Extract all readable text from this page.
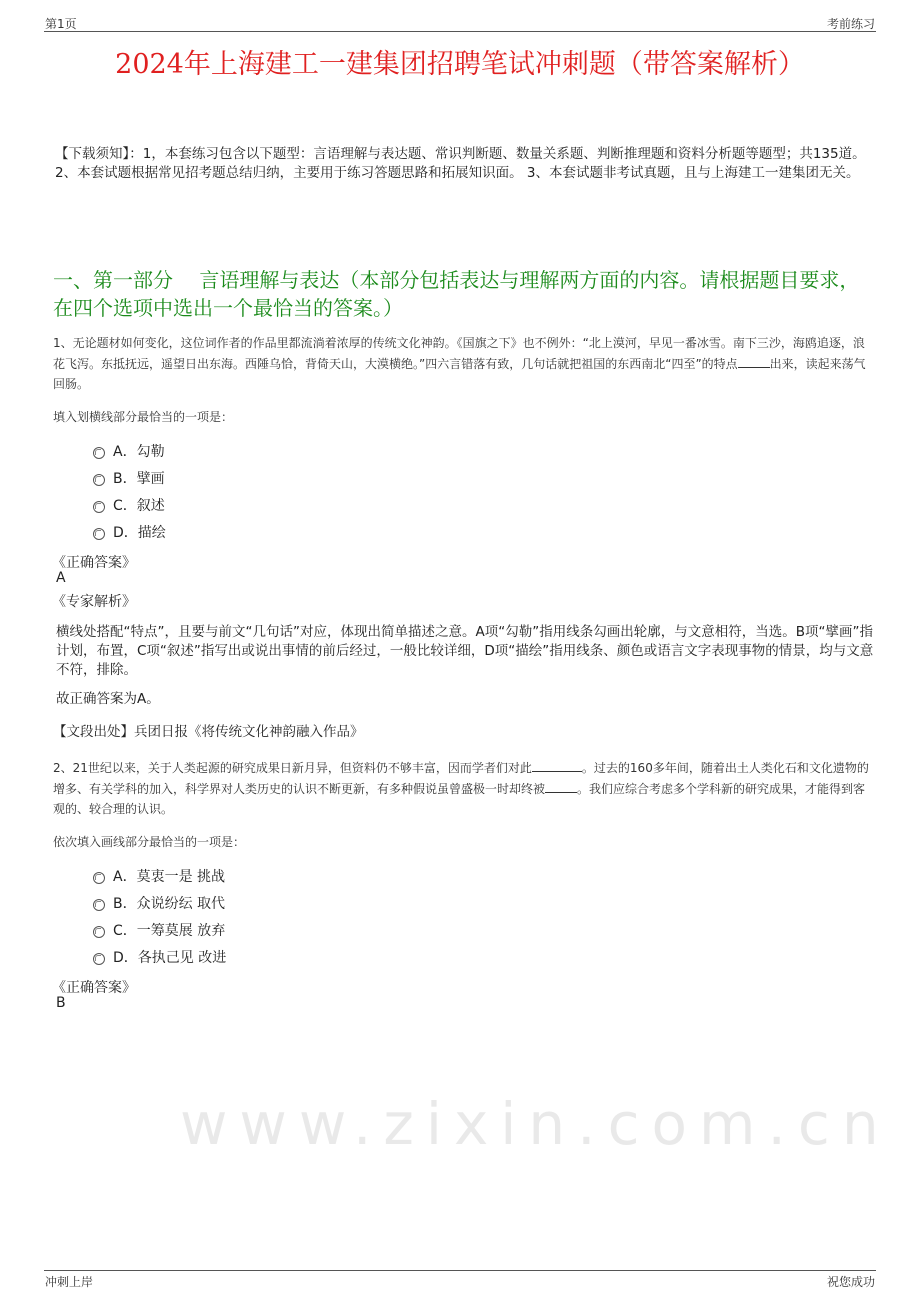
第1页	考前练习
www.zixin.com.cn
2024年上海建工一建集团招聘笔试冲刺题（带答案解析）
【下载须知】：1，本套练习包含以下题型：言语理解与表达题、常识判断题、数量关系题、判断推理题和资料分析题等题型；共135道。 2、本套试题根据常见招考题总结归纳，主要用于练习答题思路和拓展知识面。 3、本套试题非考试真题，且与上海建工一建集团无关。
一、第一部分　 言语理解与表达（本部分包括表达与理解两方面的内容。请根据题目要求，在四个选项中选出一个最恰当的答案。）
1、无论题材如何变化，这位词作者的作品里都流淌着浓厚的传统文化神韵。《国旗之下》也不例外：“北上漠河，早见一番冰雪。南下三沙，海鸥追逐，浪花飞泻。东抵抚远，遥望日出东海。西陲乌恰，背倚天山，大漠横绝。”四六言错落有致，几句话就把祖国的东西南北“四至”的特点	出来，读起来荡气回肠。
填入划横线部分最恰当的一项是：
A．勾勒
B．擘画
C．叙述
D．描绘
《正确答案》
A
《专家解析》
横线处搭配“特点”，且要与前文“几句话”对应，体现出简单描述之意。A项“勾勒”指用线条勾画出轮廓，与文意相符，当选。B项“擘画”指计划，布置，C项“叙述”指写出或说出事情的前后经过，一般比较详细，D项“描绘”指用线条、颜色或语言文字表现事物的情景，均与文意不符，排除。
故正确答案为A。
【文段出处】兵团日报《将传统文化神韵融入作品》
2、21世纪以来，关于人类起源的研究成果日新月异，但资料仍不够丰富，因而学者们对此	。过去的160多年间，随着出土人类化石和文化遗物的增多、有关学科的加入，科学界对人类历史的认识不断更新，有多种假说虽曾盛极一时却终被	。我们应综合考虑多个学科新的研究成果，才能得到客观的、较合理的认识。
依次填入画线部分最恰当的一项是：
A．莫衷一是 挑战
B．众说纷纭 取代
C．一筹莫展 放弃
D．各执己见 改进
《正确答案》
B
冲刺上岸	祝您成功
